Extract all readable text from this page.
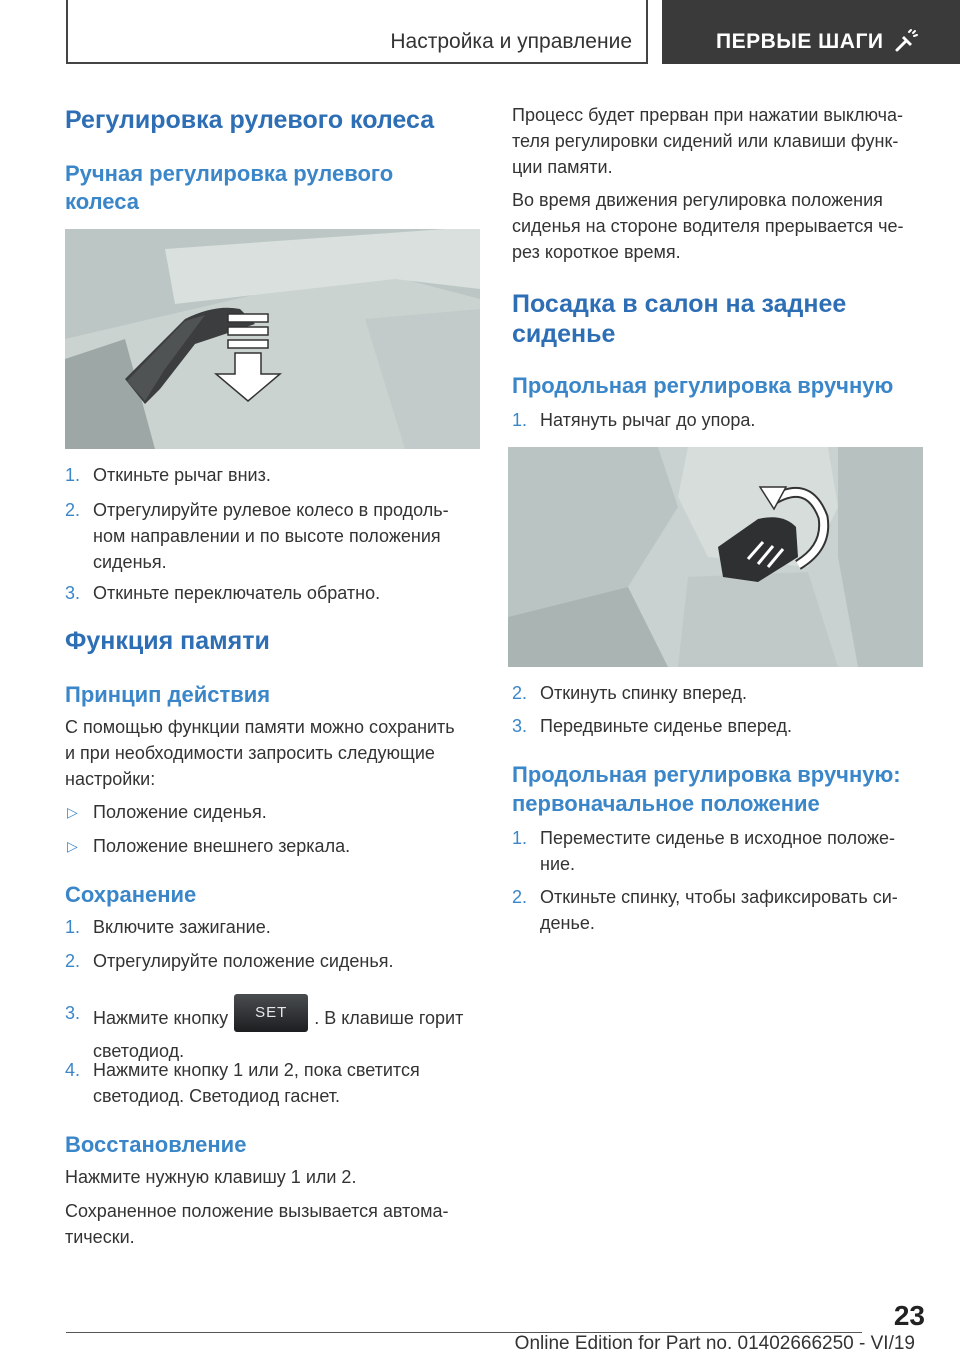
Настройка и управление	ПЕРВЫЕ ШАГИ
Регулировка рулевого колеса
Ручная регулировка рулевого
колеса
1. Откиньте рычаг вниз.
2. Отрегулируйте рулевое колесо в продоль-
ном направлении и по высоте положения
сиденья.
3. Откиньте переключатель обратно.
Функция памяти
Принцип действия
С помощью функции памяти можно сохранить
и при необходимости запросить следующие
настройки:
▷ Положение сиденья.
▷ Положение внешнего зеркала.
Сохранение
1. Включите зажигание.
2. Отрегулируйте положение сиденья.
3. Нажмите кнопку SET . В клавише горит
светодиод.
4. Нажмите кнопку 1 или 2, пока светится
светодиод. Светодиод гаснет.
Восстановление
Нажмите нужную клавишу 1 или 2.
Сохраненное положение вызывается автома-
тически.
Процесс будет прерван при нажатии выключа-
теля регулировки сидений или клавиши функ-
ции памяти.
Во время движения регулировка положения
сиденья на стороне водителя прерывается че-
рез короткое время.
Посадка в салон на заднее
сиденье
Продольная регулировка вручную
1. Натянуть рычаг до упора.
2. Откинуть спинку вперед.
3. Передвиньте сиденье вперед.
Продольная регулировка вручную:
первоначальное положение
1. Переместите сиденье в исходное положе-
ние.
2. Откиньте спинку, чтобы зафиксировать си-
денье.
23
Online Edition for Part no. 01402666250 - VI/19
